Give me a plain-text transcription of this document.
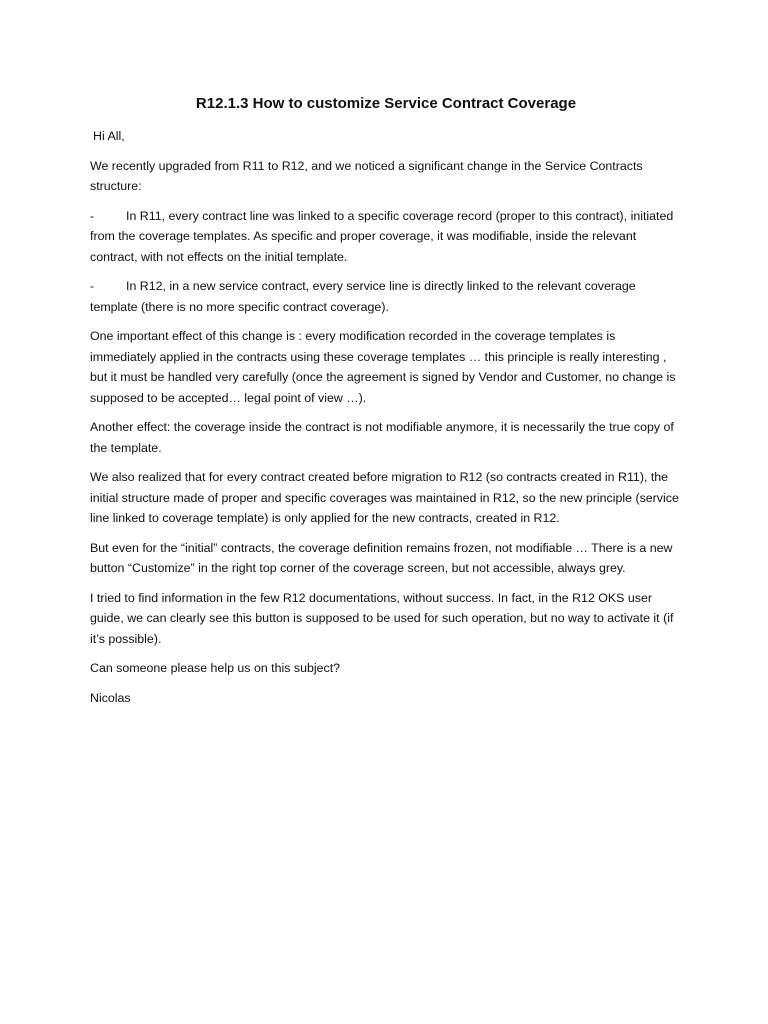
R12.1.3 How to customize Service Contract Coverage
Hi All,
We recently upgraded from R11 to R12, and we noticed a significant change in the Service Contracts structure:
-	In R11, every contract line was linked to a specific coverage record (proper to this contract), initiated from the coverage templates. As specific and proper coverage, it was modifiable, inside the relevant contract, with not effects on the initial template.
-	In R12, in a new service contract, every service line is directly linked to the relevant coverage template (there is no more specific contract coverage).
One important effect of this change is : every modification recorded in the coverage templates is immediately applied in the contracts using these coverage templates … this principle is really interesting , but it must be handled very carefully (once the agreement is signed by Vendor and Customer, no change is supposed to be accepted… legal point of view …).
Another effect: the coverage inside the contract is not modifiable anymore, it is necessarily the true copy of the template.
We also realized that for every contract created before migration to R12 (so contracts created in R11), the initial structure made of proper and specific coverages was maintained in R12, so the new principle (service line linked to coverage template) is only applied for the new contracts, created in R12.
But even for the “initial” contracts, the coverage definition remains frozen, not modifiable … There is a new button “Customize” in the right top corner of the coverage screen, but not accessible, always grey.
I tried to find information in the few R12 documentations, without success. In fact, in the R12 OKS user guide, we can clearly see this button is supposed to be used for such operation, but no way to activate it (if it’s possible).
Can someone please help us on this subject?
Nicolas
